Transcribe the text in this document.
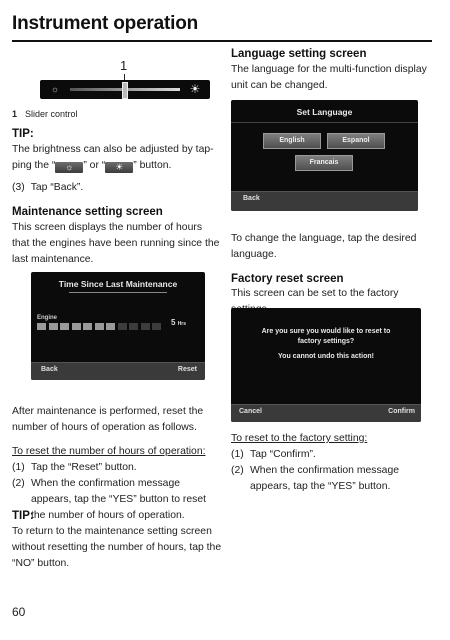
Instrument operation
1
☼	☀
1 Slider control
TIP:
The brightness can also be adjusted by tap-
ping the “ ☼ ” or “ ☀ ” button.
(3) Tap “Back”.
Maintenance setting screen
This screen displays the number of hours that the engines have been running since the last maintenance.
Time Since Last Maintenance
Engine	5 Hrs
Back	Reset
After maintenance is performed, reset the number of hours of operation as follows.
To reset the number of hours of operation:
(1) Tap the “Reset” button.
(2) When the confirmation message appears, tap the “YES” button to reset the number of hours of operation.
TIP:
To return to the maintenance setting screen without resetting the number of hours, tap the “NO” button.
Language setting screen
The language for the multi-function display unit can be changed.
Set Language
English	Espanol
Francais
Back
To change the language, tap the desired language.
Factory reset screen
This screen can be set to the factory
Are you sure you would like to reset to
factory settings?
You cannot undo this action!
Cancel	Confirm
To reset to the factory setting:
(1) Tap “Confirm”.
(2) When the confirmation message appears, tap the “YES” button.
60
